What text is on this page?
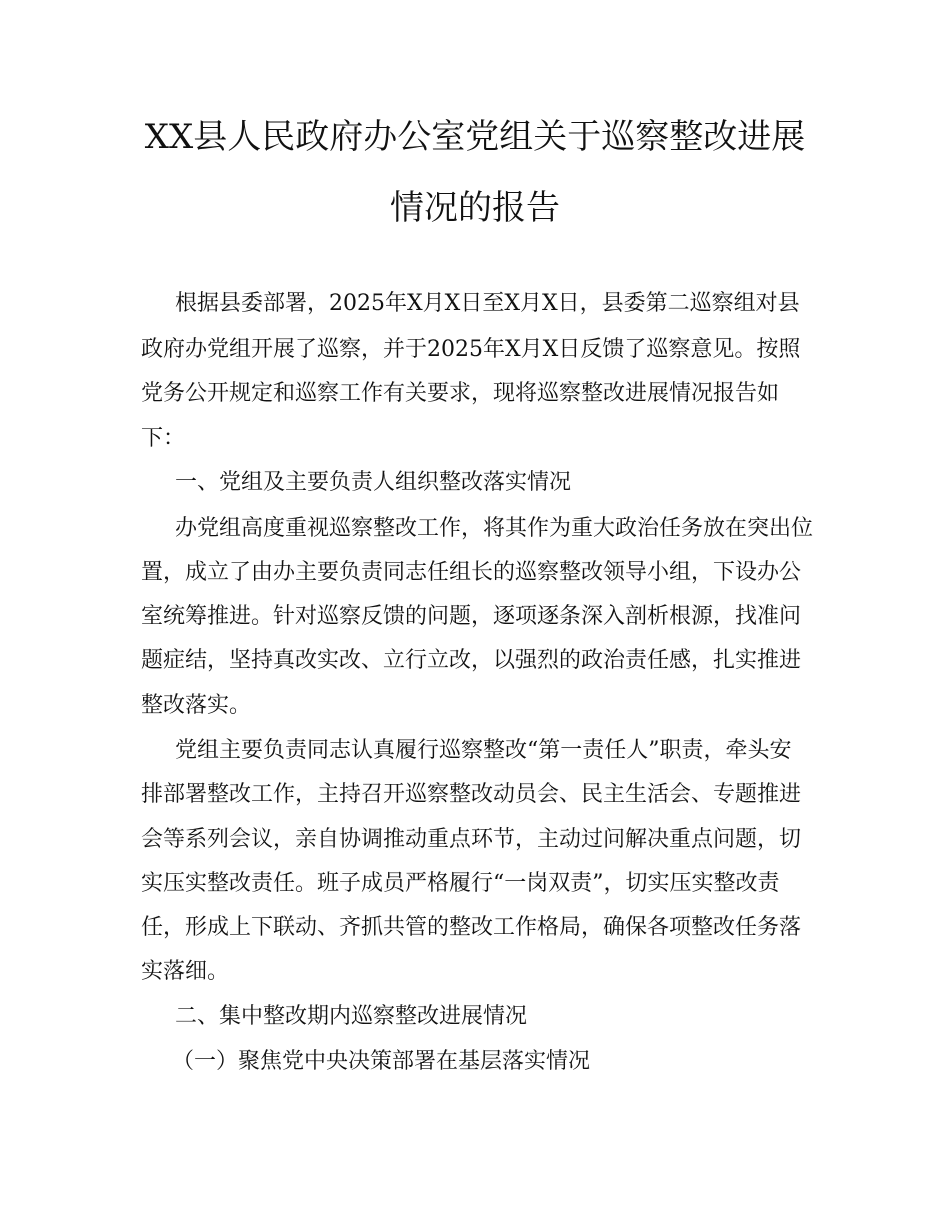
XX县人民政府办公室党组关于巡察整改进展
情况的报告

根据县委部署，2025年X月X日至X月X日，县委第二巡察组对县

政府办党组开展了巡察，并于2025年X月X日反馈了巡察意见。按照

党务公开规定和巡察工作有关要求，现将巡察整改进展情况报告如

下：

一、党组及主要负责人组织整改落实情况

办党组高度重视巡察整改工作，将其作为重大政治任务放在突出位

置，成立了由办主要负责同志任组长的巡察整改领导小组，下设办公

室统筹推进。针对巡察反馈的问题，逐项逐条深入剖析根源，找准问

题症结，坚持真改实改、立行立改，以强烈的政治责任感，扎实推进

整改落实。

党组主要负责同志认真履行巡察整改“第一责任人”职责，牵头安

排部署整改工作，主持召开巡察整改动员会、民主生活会、专题推进

会等系列会议，亲自协调推动重点环节，主动过问解决重点问题，切

实压实整改责任。班子成员严格履行“一岗双责”，切实压实整改责

任，形成上下联动、齐抓共管的整改工作格局，确保各项整改任务落

实落细。

二、集中整改期内巡察整改进展情况

（一）聚焦党中央决策部署在基层落实情况
